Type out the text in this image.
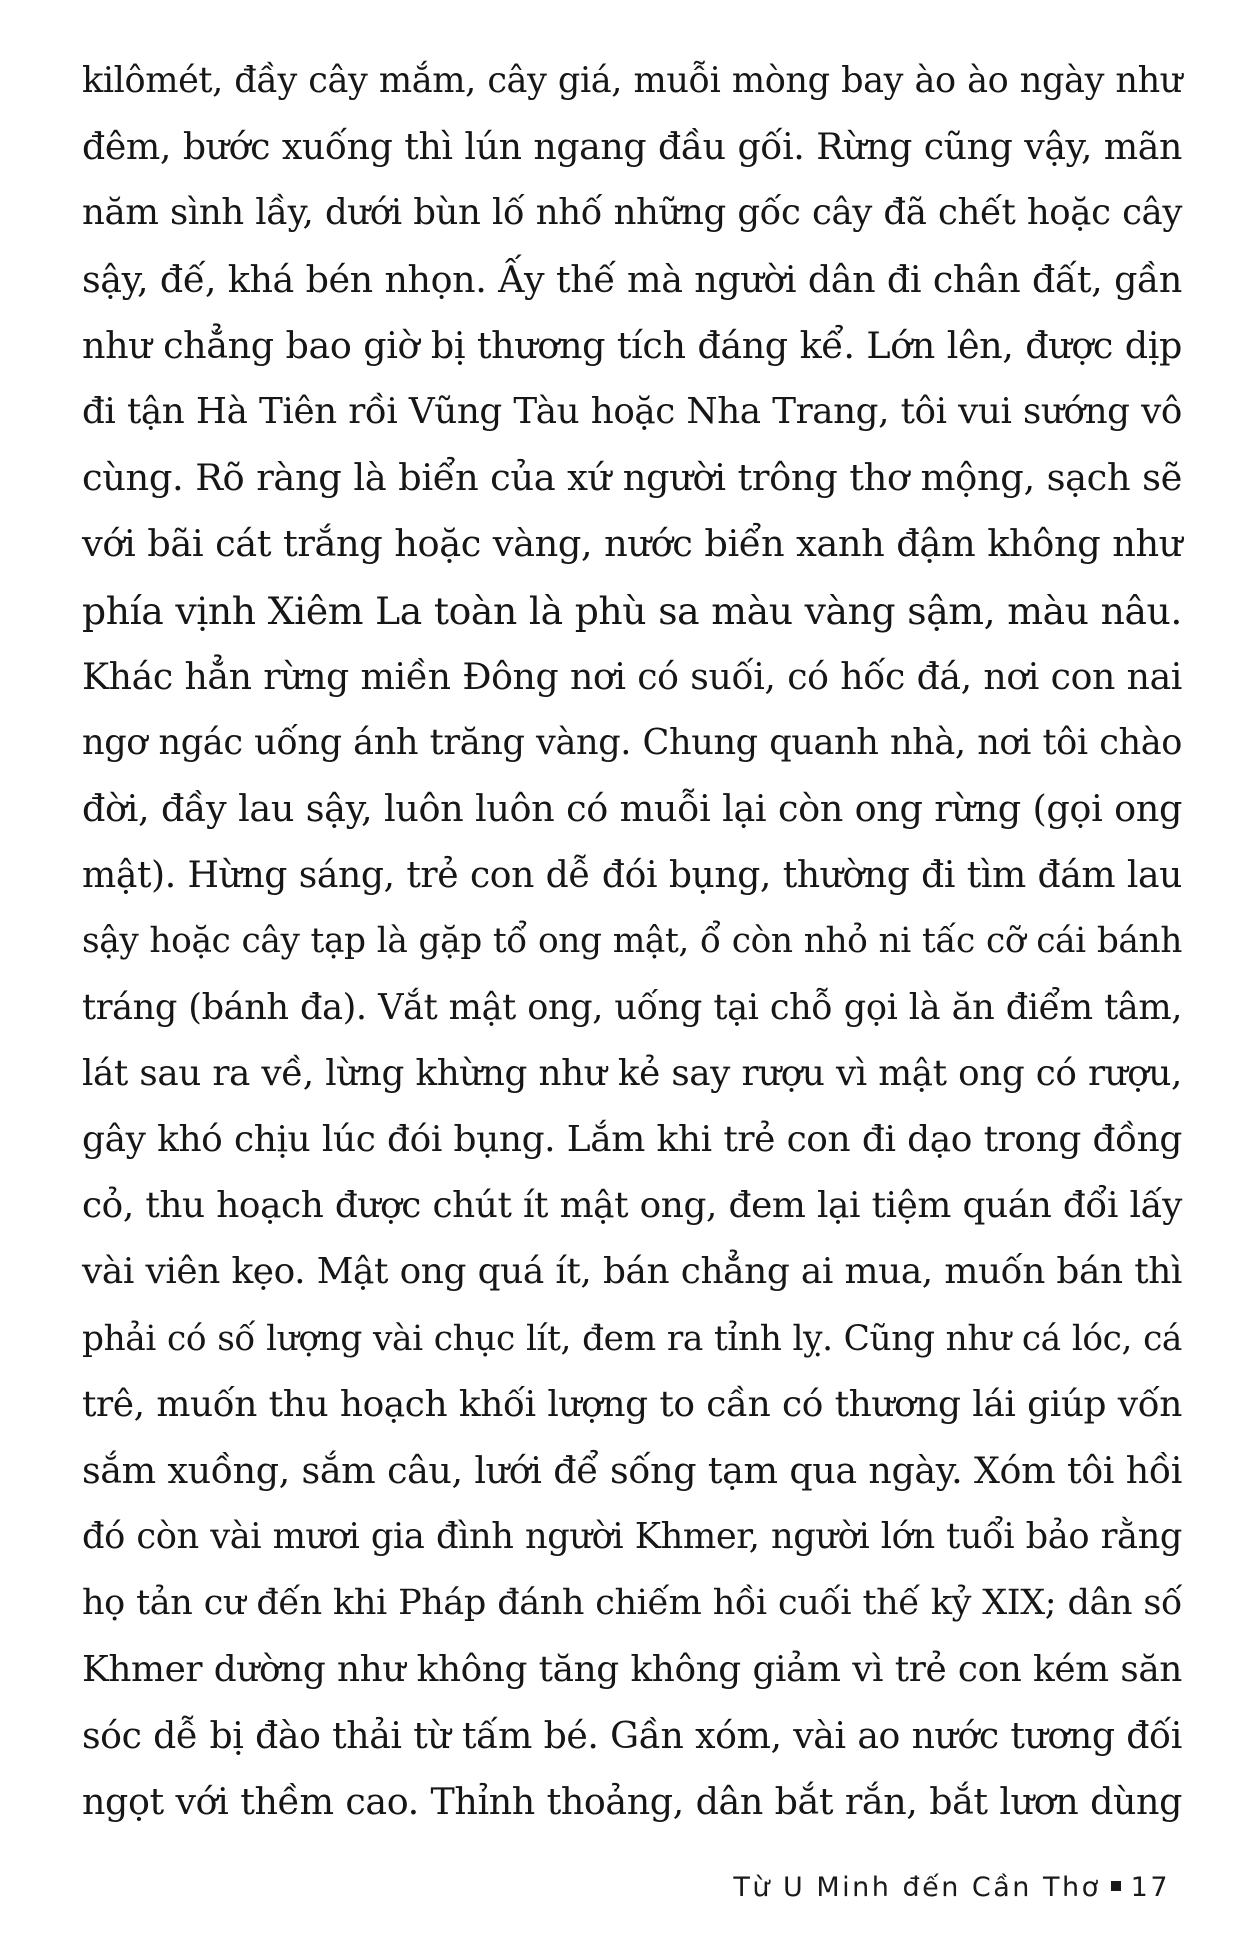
kilômét, đầy cây mắm, cây giá, muỗi mòng bay ào ào ngày như
đêm, bước xuống thì lún ngang đầu gối. Rừng cũng vậy, mãn
năm sình lầy, dưới bùn lố nhố những gốc cây đã chết hoặc cây
sậy, đế, khá bén nhọn. Ấy thế mà người dân đi chân đất, gần
như chẳng bao giờ bị thương tích đáng kể. Lớn lên, được dịp
đi tận Hà Tiên rồi Vũng Tàu hoặc Nha Trang, tôi vui sướng vô
cùng. Rõ ràng là biển của xứ người trông thơ mộng, sạch sẽ
với bãi cát trắng hoặc vàng, nước biển xanh đậm không như
phía vịnh Xiêm La toàn là phù sa màu vàng sậm, màu nâu.
Khác hẳn rừng miền Đông nơi có suối, có hốc đá, nơi con nai
ngơ ngác uống ánh trăng vàng. Chung quanh nhà, nơi tôi chào
đời, đầy lau sậy, luôn luôn có muỗi lại còn ong rừng (gọi ong
mật). Hừng sáng, trẻ con dễ đói bụng, thường đi tìm đám lau
sậy hoặc cây tạp là gặp tổ ong mật, ổ còn nhỏ ni tấc cỡ cái bánh
tráng (bánh đa). Vắt mật ong, uống tại chỗ gọi là ăn điểm tâm,
lát sau ra về, lừng khừng như kẻ say rượu vì mật ong có rượu,
gây khó chịu lúc đói bụng. Lắm khi trẻ con đi dạo trong đồng
cỏ, thu hoạch được chút ít mật ong, đem lại tiệm quán đổi lấy
vài viên kẹo. Mật ong quá ít, bán chẳng ai mua, muốn bán thì
phải có số lượng vài chục lít, đem ra tỉnh lỵ. Cũng như cá lóc, cá
trê, muốn thu hoạch khối lượng to cần có thương lái giúp vốn
sắm xuồng, sắm câu, lưới để sống tạm qua ngày. Xóm tôi hồi
đó còn vài mươi gia đình người Khmer, người lớn tuổi bảo rằng
họ tản cư đến khi Pháp đánh chiếm hồi cuối thế kỷ XIX; dân số
Khmer dường như không tăng không giảm vì trẻ con kém săn
sóc dễ bị đào thải từ tấm bé. Gần xóm, vài ao nước tương đối
ngọt với thềm cao. Thỉnh thoảng, dân bắt rắn, bắt lươn dùng
Từ U Minh đến Cần Thơ 17
